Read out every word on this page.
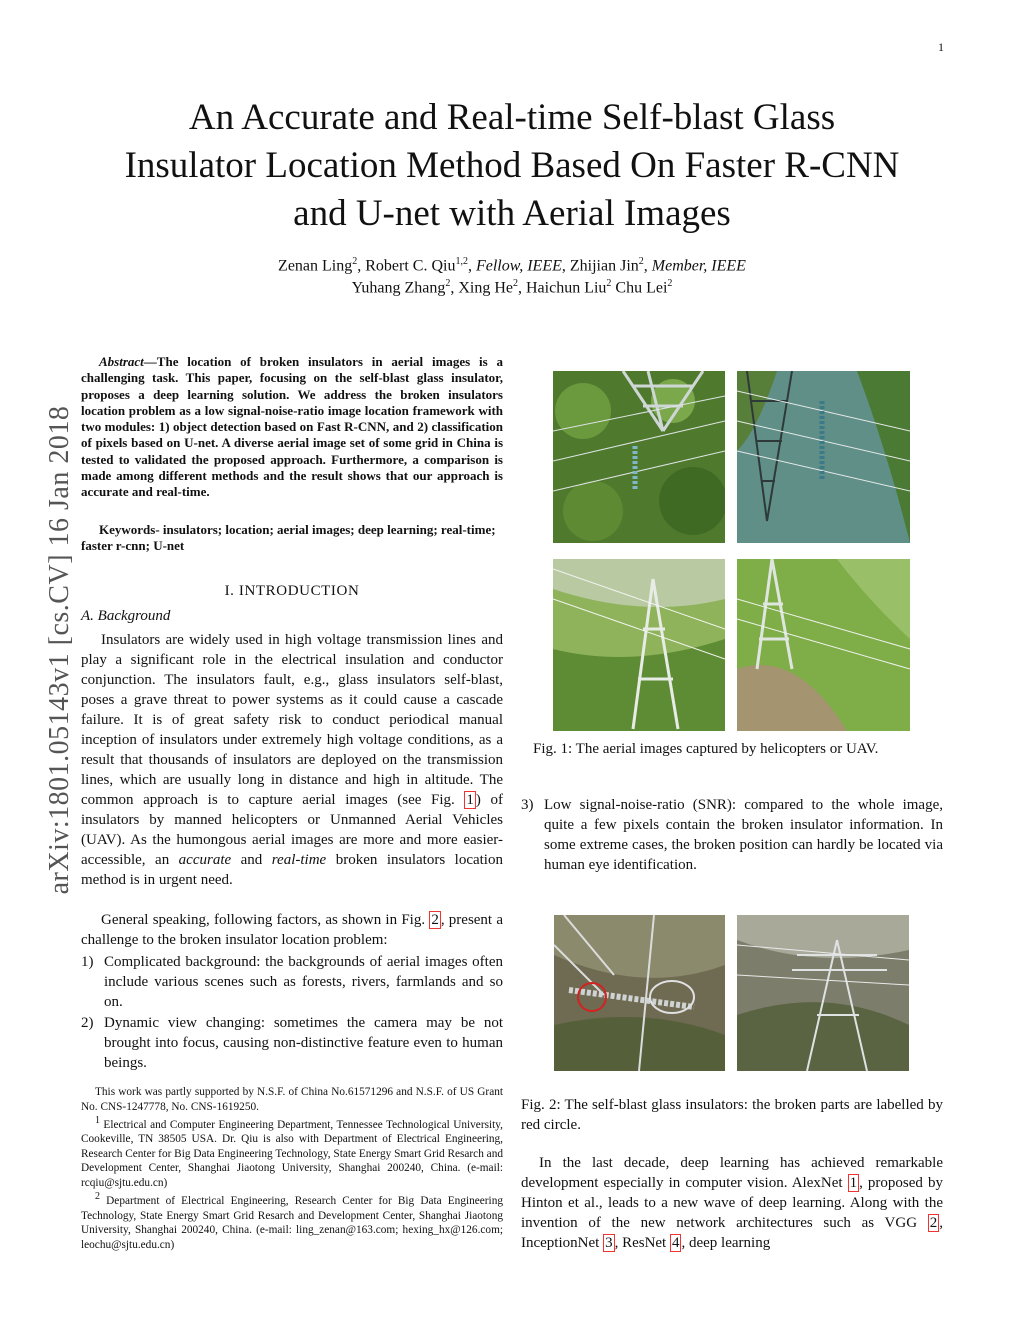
1
arXiv:1801.05143v1 [cs.CV] 16 Jan 2018
An Accurate and Real-time Self-blast Glass
Insulator Location Method Based On Faster R-CNN
and U-net with Aerial Images
Zenan Ling$^2$, Robert C. Qiu$^{1,2}$, Fellow, IEEE, Zhijian Jin$^2$, Member, IEEE
Yuhang Zhang$^2$, Xing He$^2$, Haichun Liu$^2$ Chu Lei$^2$
Abstract—The location of broken insulators in aerial images is a challenging task. This paper, focusing on the self-blast glass insulator, proposes a deep learning solution. We address the broken insulators location problem as a low signal-noise-ratio image location framework with two modules: 1) object detection based on Fast R-CNN, and 2) classification of pixels based on U-net. A diverse aerial image set of some grid in China is tested to validated the proposed approach. Furthermore, a comparison is made among different methods and the result shows that our approach is accurate and real-time.
Keywords- insulators; location; aerial images; deep learning; real-time; faster r-cnn; U-net
I. INTRODUCTION
A. Background
Insulators are widely used in high voltage transmission lines and play a significant role in the electrical insulation and conductor conjunction. The insulators fault, e.g., glass insulators self-blast, poses a grave threat to power systems as it could cause a cascade failure. It is of great safety risk to conduct periodical manual inception of insulators under extremely high voltage conditions, as a result that thousands of insulators are deployed on the transmission lines, which are usually long in distance and high in altitude. The common approach is to capture aerial images (see Fig. 1 ) of insulators by manned helicopters or Unmanned Aerial Vehicles (UAV). As the humongous aerial images are more and more easier-accessible, an accurate and real-time broken insulators location method is in urgent need.
General speaking, following factors, as shown in Fig. 2 , present a challenge to the broken insulator location problem:
1) Complicated background: the backgrounds of aerial images often include various scenes such as forests, rivers, farmlands and so on.
2) Dynamic view changing: sometimes the camera may be not brought into focus, causing non-distinctive feature even to human beings.

This work was partly supported by N.S.F. of China No.61571296 and N.S.F. of US Grant No. CNS-1247778, No. CNS-1619250.

$^1$ Electrical and Computer Engineering Department, Tennessee Technological University, Cookeville, TN 38505 USA. Dr. Qiu is also with Department of Electrical Engineering, Research Center for Big Data Engineering Technology, State Energy Smart Grid Resarch and Development Center, Shanghai Jiaotong University, Shanghai 200240, China. (e-mail: rcqiu@sjtu.edu.cn)

$^2$ Department of Electrical Engineering, Research Center for Big Data Engineering Technology, State Energy Smart Grid Resarch and Development Center, Shanghai Jiaotong University, Shanghai 200240, China. (e-mail: ling_zenan@163.com; hexing_hx@126.com; leochu@sjtu.edu.cn)

Fig. 1: The aerial images captured by helicopters or UAV.
3) Low signal-noise-ratio (SNR): compared to the whole image, quite a few pixels contain the broken insulator information. In some extreme cases, the broken position can hardly be located via human eye identification.
Fig. 2: The self-blast glass insulators: the broken parts are labelled by red circle.
In the last decade, deep learning has achieved remarkable development especially in computer vision. AlexNet 1 , proposed by Hinton et al., leads to a new wave of deep learning. Along with the invention of the new network architectures such as VGG 2 , InceptionNet 3 , ResNet 4 , deep learning
